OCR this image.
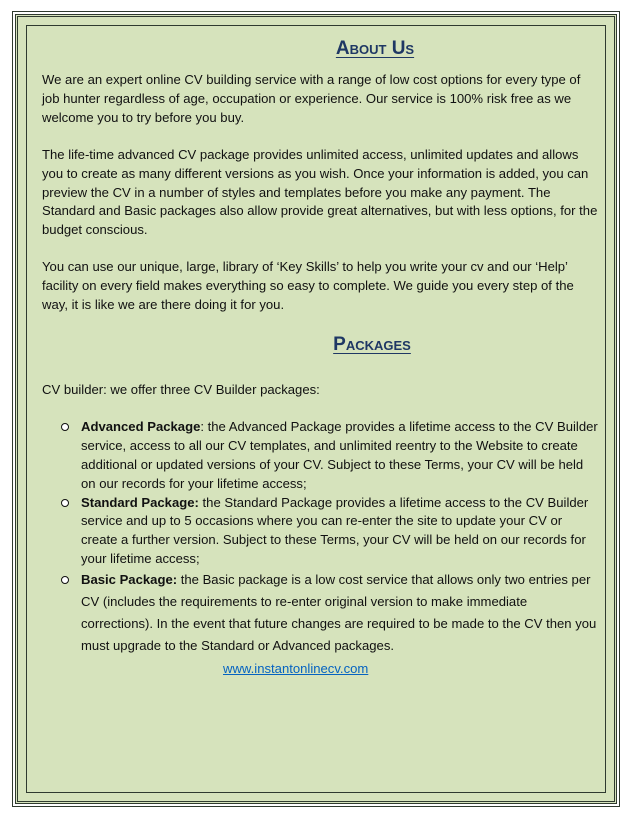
About Us

We are an expert online CV building service with a range of low cost options for every type of job hunter regardless of age, occupation or experience. Our service is 100% risk free as we welcome you to try before you buy.

The life-time advanced CV package provides unlimited access, unlimited updates and allows you to create as many different versions as you wish. Once your information is added, you can preview the CV in a number of styles and templates before you make any payment. The Standard and Basic packages also allow provide great alternatives, but with less options, for the budget conscious.

You can use our unique, large, library of ‘Key Skills’ to help you write your cv and our ‘Help’ facility on every field makes everything so easy to complete. We guide you every step of the way, it is like we are there doing it for you.

Packages

CV builder: we offer three CV Builder packages:

Advanced Package: the Advanced Package provides a lifetime access to the CV Builder service, access to all our CV templates, and unlimited reentry to the Website to create additional or updated versions of your CV. Subject to these Terms, your CV will be held on our records for your lifetime access;
Standard Package: the Standard Package provides a lifetime access to the CV Builder service and up to 5 occasions where you can re-enter the site to update your CV or create a further version. Subject to these Terms, your CV will be held on our records for your lifetime access;
Basic Package: the Basic package is a low cost service that allows only two entries per CV (includes the requirements to re-enter original version to make immediate corrections). In the event that future changes are required to be made to the CV then you must upgrade to the Standard or Advanced packages.
www.instantonlinecv.com
